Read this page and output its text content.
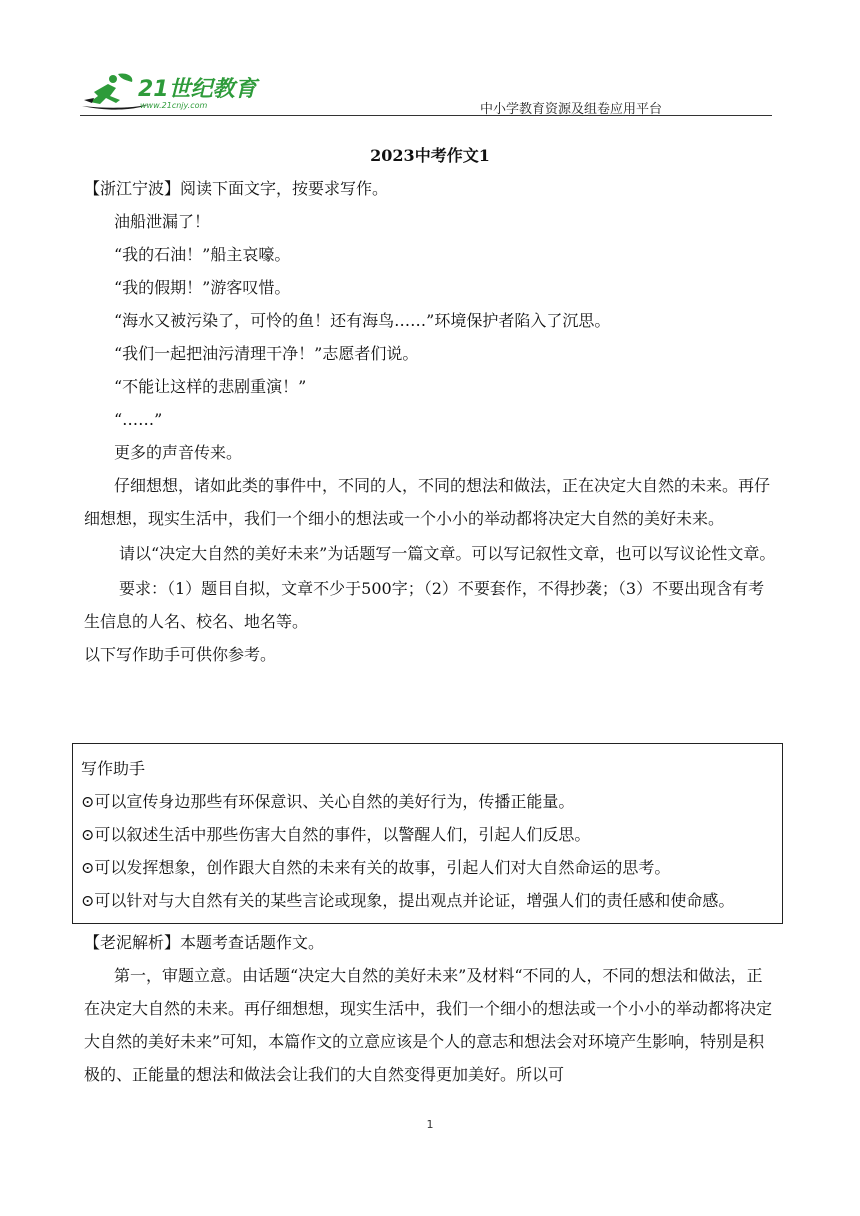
21世纪教育
www.21cnjy.com	中小学教育资源及组卷应用平台
2023中考作文1

【浙江宁波】阅读下面文字，按要求写作。

油船泄漏了！

“我的石油！”船主哀嚎。

“我的假期！”游客叹惜。

“海水又被污染了，可怜的鱼！还有海鸟……”环境保护者陷入了沉思。

“我们一起把油污清理干净！”志愿者们说。

“不能让这样的悲剧重演！”

“……”

更多的声音传来。

仔细想想，诸如此类的事件中，不同的人，不同的想法和做法，正在决定大自然的未来。再仔细想想，现实生活中，我们一个细小的想法或一个小小的举动都将决定大自然的美好未来。

请以“决定大自然的美好未来”为话题写一篇文章。可以写记叙性文章，也可以写议论性文章。

要求：（1）题目自拟，文章不少于500字；（2）不要套作，不得抄袭；（3）不要出现含有考生信息的人名、校名、地名等。

以下写作助手可供你参考。

写作助手
⊙可以宣传身边那些有环保意识、关心自然的美好行为，传播正能量。
⊙可以叙述生活中那些伤害大自然的事件，以警醒人们，引起人们反思。
⊙可以发挥想象，创作跟大自然的未来有关的故事，引起人们对大自然命运的思考。
⊙可以针对与大自然有关的某些言论或现象，提出观点并论证，增强人们的责任感和使命感。

【老泥解析】本题考查话题作文。

第一，审题立意。由话题“决定大自然的美好未来”及材料“不同的人，不同的想法和做法，正在决定大自然的未来。再仔细想想，现实生活中，我们一个细小的想法或一个小小的举动都将决定大自然的美好未来”可知，本篇作文的立意应该是个人的意志和想法会对环境产生影响，特别是积极的、正能量的想法和做法会让我们的大自然变得更加美好。所以可

1
